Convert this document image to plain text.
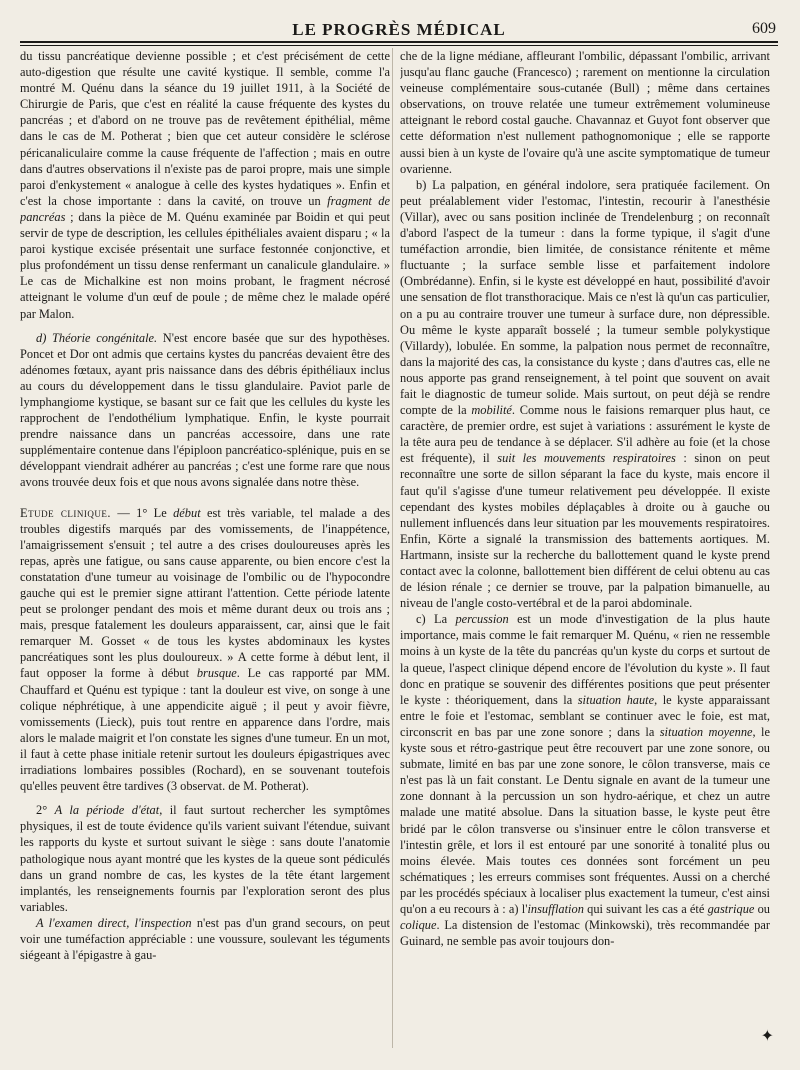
LE PROGRÈS MÉDICAL	609

du tissu pancréatique devienne possible ; et c'est précisément de cette auto-digestion que résulte une cavité kystique. Il semble, comme l'a montré M. Quénu dans la séance du 19 juillet 1911, à la Société de Chirurgie de Paris, que c'est en réalité la cause fréquente des kystes du pancréas ; et d'abord on ne trouve pas de revêtement épithélial, même dans le cas de M. Potherat ; bien que cet auteur considère le sclérose péricanaliculaire comme la cause fréquente de l'affection ; mais en outre dans d'autres observations il n'existe pas de paroi propre, mais une simple paroi d'enkystement « analogue à celle des kystes hydatiques ». Enfin et c'est la chose importante : dans la cavité, on trouve un fragment de pancréas ; dans la pièce de M. Quénu examinée par Boidin et qui peut servir de type de description, les cellules épithéliales avaient disparu ; « la paroi kystique excisée présentait une surface festonnée conjonctive, et plus profondément un tissu dense renfermant un canalicule glandulaire. » Le cas de Michalkine est non moins probant, le fragment nécrosé atteignant le volume d'un œuf de poule ; de même chez le malade opéré par Malon.

d) Théorie congénitale. N'est encore basée que sur des hypothèses. Poncet et Dor ont admis que certains kystes du pancréas devaient être des adénomes fœtaux, ayant pris naissance dans des débris épithéliaux inclus au cours du développement dans le tissu glandulaire. Paviot parle de lymphangiome kystique, se basant sur ce fait que les cellules du kyste les rapprochent de l'endothélium lymphatique. Enfin, le kyste pourrait prendre naissance dans un pancréas accessoire, dans une rate supplémentaire contenue dans l'épiploon pancréatico-splénique, puis en se développant viendrait adhérer au pancréas ; c'est une forme rare que nous avons trouvée deux fois et que nous avons signalée dans notre thèse.

Etude clinique. — 1° Le début est très variable, tel malade a des troubles digestifs marqués par des vomissements, de l'inappétence, l'amaigrissement s'ensuit ; tel autre a des crises douloureuses après les repas, après une fatigue, ou sans cause apparente, ou bien encore c'est la constatation d'une tumeur au voisinage de l'ombilic ou de l'hypocondre gauche qui est le premier signe attirant l'attention. Cette période latente peut se prolonger pendant des mois et même durant deux ou trois ans ; mais, presque fatalement les douleurs apparaissent, car, ainsi que le fait remarquer M. Gosset « de tous les kystes abdominaux les kystes pancréatiques sont les plus douloureux. » A cette forme à début lent, il faut opposer la forme à début brusque. Le cas rapporté par MM. Chauffard et Quénu est typique : tant la douleur est vive, on songe à une colique néphrétique, à une appendicite aiguë ; il peut y avoir fièvre, vomissements (Lieck), puis tout rentre en apparence dans l'ordre, mais alors le malade maigrit et l'on constate les signes d'une tumeur. En un mot, il faut à cette phase initiale retenir surtout les douleurs épigastriques avec irradiations lombaires possibles (Rochard), en se souvenant toutefois qu'elles peuvent être tardives (3 observat. de M. Potherat).

2° A la période d'état, il faut surtout rechercher les symptômes physiques, il est de toute évidence qu'ils varient suivant l'étendue, suivant les rapports du kyste et surtout suivant le siège : sans doute l'anatomie pathologique nous ayant montré que les kystes de la queue sont pédiculés dans un grand nombre de cas, les kystes de la tête étant largement implantés, les renseignements fournis par l'exploration seront des plus variables.

A l'examen direct, l'inspection n'est pas d'un grand secours, on peut voir une tuméfaction appréciable : une voussure, soulevant les téguments siégeant à l'épigastre à gau-

che de la ligne médiane, affleurant l'ombilic, dépassant l'ombilic, arrivant jusqu'au flanc gauche (Francesco) ; rarement on mentionne la circulation veineuse complémentaire sous-cutanée (Bull) ; même dans certaines observations, on trouve relatée une tumeur extrêmement volumineuse atteignant le rebord costal gauche. Chavannaz et Guyot font observer que cette déformation n'est nullement pathognomonique ; elle se rapporte aussi bien à un kyste de l'ovaire qu'à une ascite symptomatique de tumeur ovarienne.

b) La palpation, en général indolore, sera pratiquée facilement. On peut préalablement vider l'estomac, l'intestin, recourir à l'anesthésie (Villar), avec ou sans position inclinée de Trendelenburg ; on reconnaît d'abord l'aspect de la tumeur : dans la forme typique, il s'agit d'une tuméfaction arrondie, bien limitée, de consistance rénitente et même fluctuante ; la surface semble lisse et parfaitement indolore (Ombrédanne). Enfin, si le kyste est développé en haut, possibilité d'avoir une sensation de flot transthoracique. Mais ce n'est là qu'un cas particulier, on a pu au contraire trouver une tumeur à surface dure, non dépressible. Ou même le kyste apparaît bosselé ; la tumeur semble polykystique (Villardy), lobulée. En somme, la palpation nous permet de reconnaître, dans la majorité des cas, la consistance du kyste ; dans d'autres cas, elle ne nous apporte pas grand renseignement, à tel point que souvent on avait fait le diagnostic de tumeur solide. Mais surtout, on peut déjà se rendre compte de la mobilité. Comme nous le faisions remarquer plus haut, ce caractère, de premier ordre, est sujet à variations : assurément le kyste de la tête aura peu de tendance à se déplacer. S'il adhère au foie (et la chose est fréquente), il suit les mouvements respiratoires : sinon on peut reconnaître une sorte de sillon séparant la face du kyste, mais encore il faut qu'il s'agisse d'une tumeur relativement peu développée. Il existe cependant des kystes mobiles déplaçables à droite ou à gauche ou nullement influencés dans leur situation par les mouvements respiratoires. Enfin, Körte a signalé la transmission des battements aortiques. M. Hartmann, insiste sur la recherche du ballottement quand le kyste prend contact avec la colonne, ballottement bien différent de celui obtenu au cas de lésion rénale ; ce dernier se trouve, par la palpation bimanuelle, au niveau de l'angle costo-vertébral et de la paroi abdominale.

c) La percussion est un mode d'investigation de la plus haute importance, mais comme le fait remarquer M. Quénu, « rien ne ressemble moins à un kyste de la tête du pancréas qu'un kyste du corps et surtout de la queue, l'aspect clinique dépend encore de l'évolution du kyste ». Il faut donc en pratique se souvenir des différentes positions que peut présenter le kyste : théoriquement, dans la situation haute, le kyste apparaissant entre le foie et l'estomac, semblant se continuer avec le foie, est mat, circonscrit en bas par une zone sonore ; dans la situation moyenne, le kyste sous et rétro-gastrique peut être recouvert par une zone sonore, ou submate, limité en bas par une zone sonore, le côlon transverse, mais ce n'est pas là un fait constant. Le Dentu signale en avant de la tumeur une zone donnant à la percussion un son hydro-aérique, et chez un autre malade une matité absolue. Dans la situation basse, le kyste peut être bridé par le côlon transverse ou s'insinuer entre le côlon transverse et l'intestin grêle, et lors il est entouré par une sonorité à tonalité plus ou moins élevée. Mais toutes ces données sont forcément un peu schématiques ; les erreurs commises sont fréquentes. Aussi on a cherché par les procédés spéciaux à localiser plus exactement la tumeur, c'est ainsi qu'on a eu recours à : a) l'insufflation qui suivant les cas a été gastrique ou colique. La distension de l'estomac (Minkowski), très recommandée par Guinard, ne semble pas avoir toujours don-

✦
